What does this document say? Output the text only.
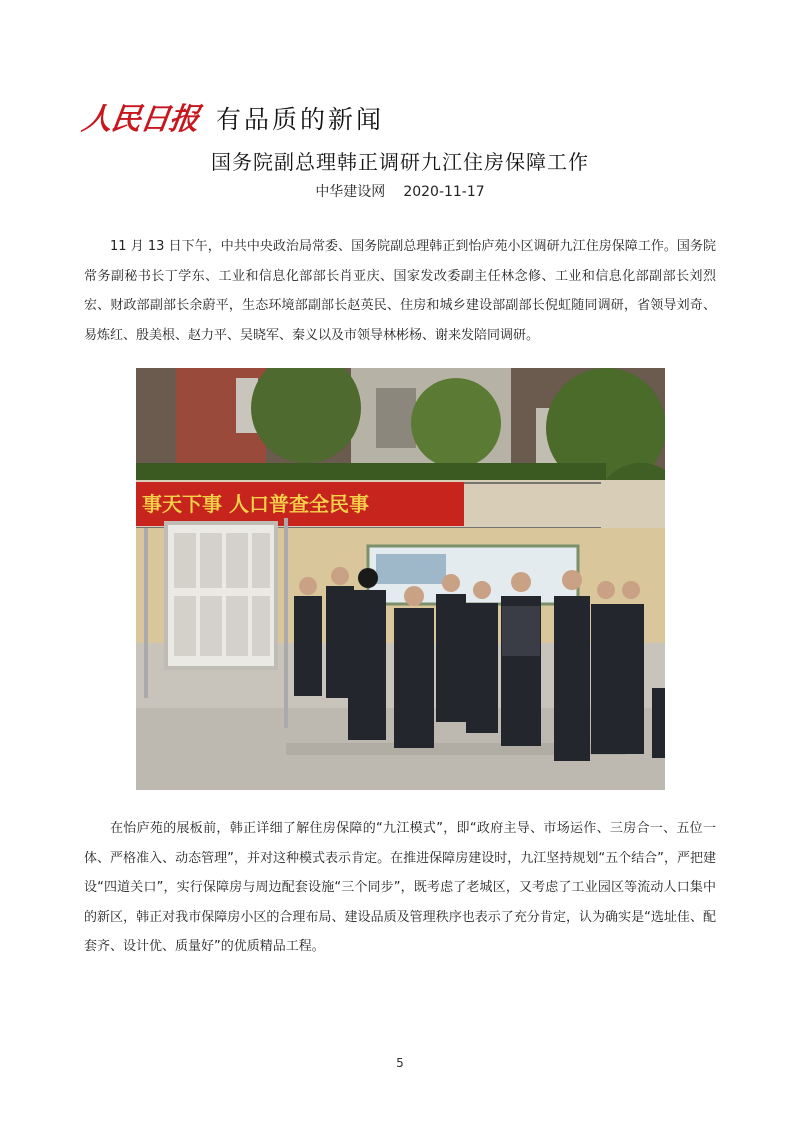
人民日报 有品质的新闻
国务院副总理韩正调研九江住房保障工作
中华建设网 2020-11-17

11 月 13 日下午，中共中央政治局常委、国务院副总理韩正到怡庐苑小区调研九江住房保障工作。国务院常务副秘书长丁学东、工业和信息化部部长肖亚庆、国家发改委副主任林念修、工业和信息化部副部长刘烈宏、财政部副部长余蔚平，生态环境部副部长赵英民、住房和城乡建设部副部长倪虹随同调研，省领导刘奇、易炼红、殷美根、赵力平、吴晓军、秦义以及市领导林彬杨、谢来发陪同调研。

事天下事 人口普查全民事

在怡庐苑的展板前，韩正详细了解住房保障的“九江模式”，即“政府主导、市场运作、三房合一、五位一体、严格准入、动态管理”，并对这种模式表示肯定。在推进保障房建设时，九江坚持规划“五个结合”，严把建设“四道关口”，实行保障房与周边配套设施“三个同步”，既考虑了老城区，又考虑了工业园区等流动人口集中的新区，韩正对我市保障房小区的合理布局、建设品质及管理秩序也表示了充分肯定，认为确实是“选址佳、配套齐、设计优、质量好”的优质精品工程。

5
